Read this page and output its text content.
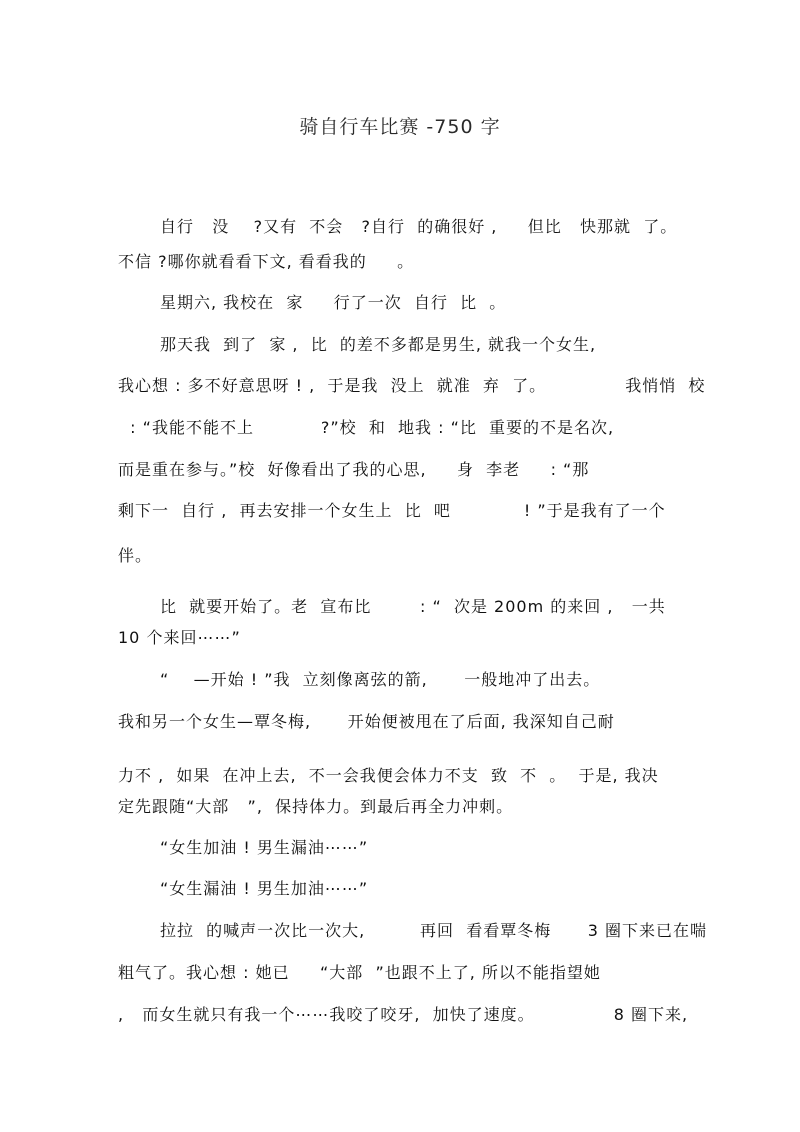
骑自行车比赛 -750 字
自行   没    ?又有  不会   ?自行  的确很好 ,     但比   快那就  了。
不信 ?哪你就看看下文, 看看我的     。
星期六, 我校在  家     行了一次  自行  比  。
那天我  到了  家 ,  比  的差不多都是男生, 就我一个女生,
我心想 : 多不好意思呀 ! ,  于是我  没上  就准  弃  了。             我悄悄  校
: “我能不能不上           ?”校  和  地我 : “比  重要的不是名次,
而是重在参与。”校  好像看出了我的心思,     身  李老     : “那
剩下一  自行 ,  再去安排一个女生上  比  吧            ! ”于是我有了一个
伴。
比  就要开始了。老  宣布比        : “  次是 200m 的来回 ,   一共
10 个来回⋯⋯”
“    —开始 ! ”我  立刻像离弦的箭,      一般地冲了出去。
我和另一个女生—覃冬梅,      开始便被甩在了后面, 我深知自己耐
力不 ,  如果  在冲上去,  不一会我便会体力不支  致  不  。  于是, 我决
定先跟随“大部   ”,  保持体力。到最后再全力冲刺。
“女生加油 ! 男生漏油⋯⋯”
“女生漏油 ! 男生加油⋯⋯”
拉拉  的喊声一次比一次大,         再回  看看覃冬梅      3 圈下来已在喘
粗气了。我心想 : 她已     “大部  ”也跟不上了, 所以不能指望她
,   而女生就只有我一个⋯⋯我咬了咬牙,  加快了速度。             8 圈下来,
